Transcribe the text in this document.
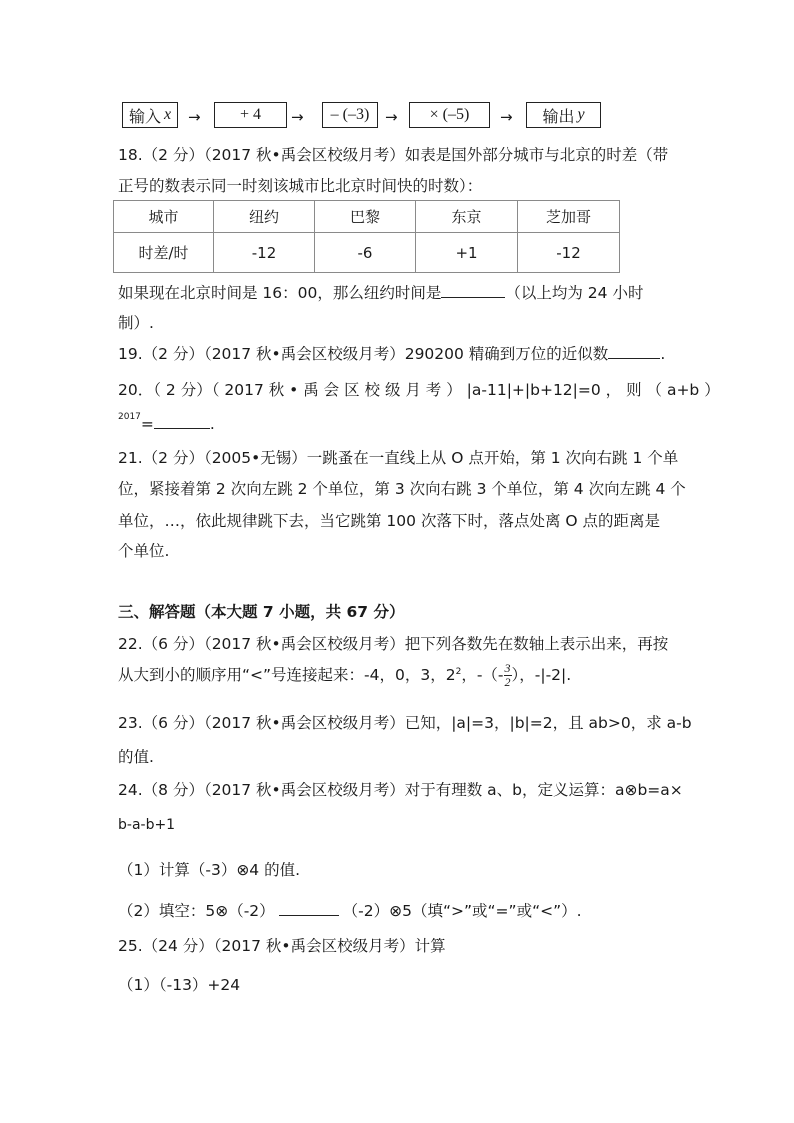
输入 x → + 4 → – (–3) → × (–5) → 输出 y
18.（2 分）（2017 秋•禹会区校级月考）如表是国外部分城市与北京的时差（带
正号的数表示同一时刻该城市比北京时间快的时数）：
城市	纽约	巴黎	东京	芝加哥
时差/时	-12	-6	+1	-12
如果现在北京时间是 16：00，那么纽约时间是	（以上均为 24 小时
制）.
19.（2 分）（2017 秋•禹会区校级月考）290200 精确到万位的近似数	.
20．（ 2 分）（ 2017 秋 • 禹 会 区 校 级 月 考 ） |a-11|+|b+12|=0 ， 则 （ a+b ）
$^{2017}$=	.
21.（2 分）（2005•无锡）一跳蚤在一直线上从 O 点开始，第 1 次向右跳 1 个单
位，紧接着第 2 次向左跳 2 个单位，第 3 次向右跳 3 个单位，第 4 次向左跳 4 个
单位，…，依此规律跳下去，当它跳第 100 次落下时，落点处离 O 点的距离是
个单位.
三、解答题（本大题 7 小题，共 67 分）
22.（6 分）（2017 秋•禹会区校级月考）把下列各数先在数轴上表示出来，再按
从大到小的顺序用“<”号连接起来：-4，0，3，$2^2$，-（- $\frac{3}{2}$ ），-|-2|.
23.（6 分）（2017 秋•禹会区校级月考）已知，|a|=3，|b|=2，且 ab>0，求 a-b
的值.
24.（8 分）（2017 秋•禹会区校级月考）对于有理数 a、b，定义运算：a⊗b=a×
b-a-b+1
（1）计算（-3）⊗4 的值.
（2）填空：5⊗（-2）	（-2）⊗5（填“>”或“=”或“<”）.
25.（24 分）（2017 秋•禹会区校级月考）计算
（1）（-13）+24
